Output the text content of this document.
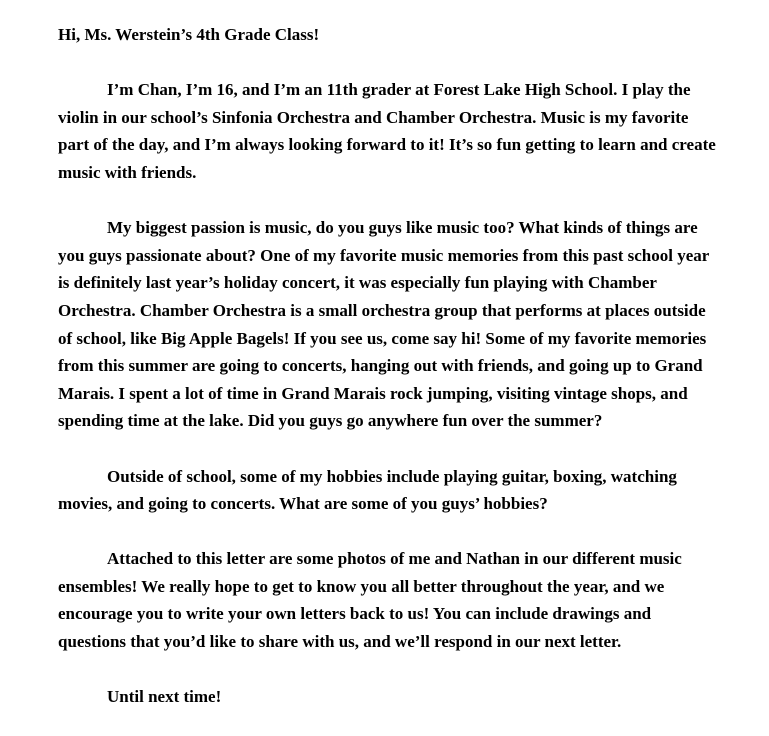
Hi, Ms. Werstein’s 4th Grade Class!
I’m Chan, I’m 16, and I’m an 11th grader at Forest Lake High School. I play the
violin in our school’s Sinfonia Orchestra and Chamber Orchestra. Music is my favorite
part of the day, and I’m always looking forward to it! It’s so fun getting to learn and create
music with friends.
My biggest passion is music, do you guys like music too? What kinds of things are
you guys passionate about? One of my favorite music memories from this past school year
is definitely last year’s holiday concert, it was especially fun playing with Chamber
Orchestra. Chamber Orchestra is a small orchestra group that performs at places outside
of school, like Big Apple Bagels! If you see us, come say hi! Some of my favorite memories
from this summer are going to concerts, hanging out with friends, and going up to Grand
Marais. I spent a lot of time in Grand Marais rock jumping, visiting vintage shops, and
spending time at the lake. Did you guys go anywhere fun over the summer?
Outside of school, some of my hobbies include playing guitar, boxing, watching
movies, and going to concerts. What are some of you guys’ hobbies?
Attached to this letter are some photos of me and Nathan in our different music
ensembles! We really hope to get to know you all better throughout the year, and we
encourage you to write your own letters back to us! You can include drawings and
questions that you’d like to share with us, and we’ll respond in our next letter.
Until next time!
